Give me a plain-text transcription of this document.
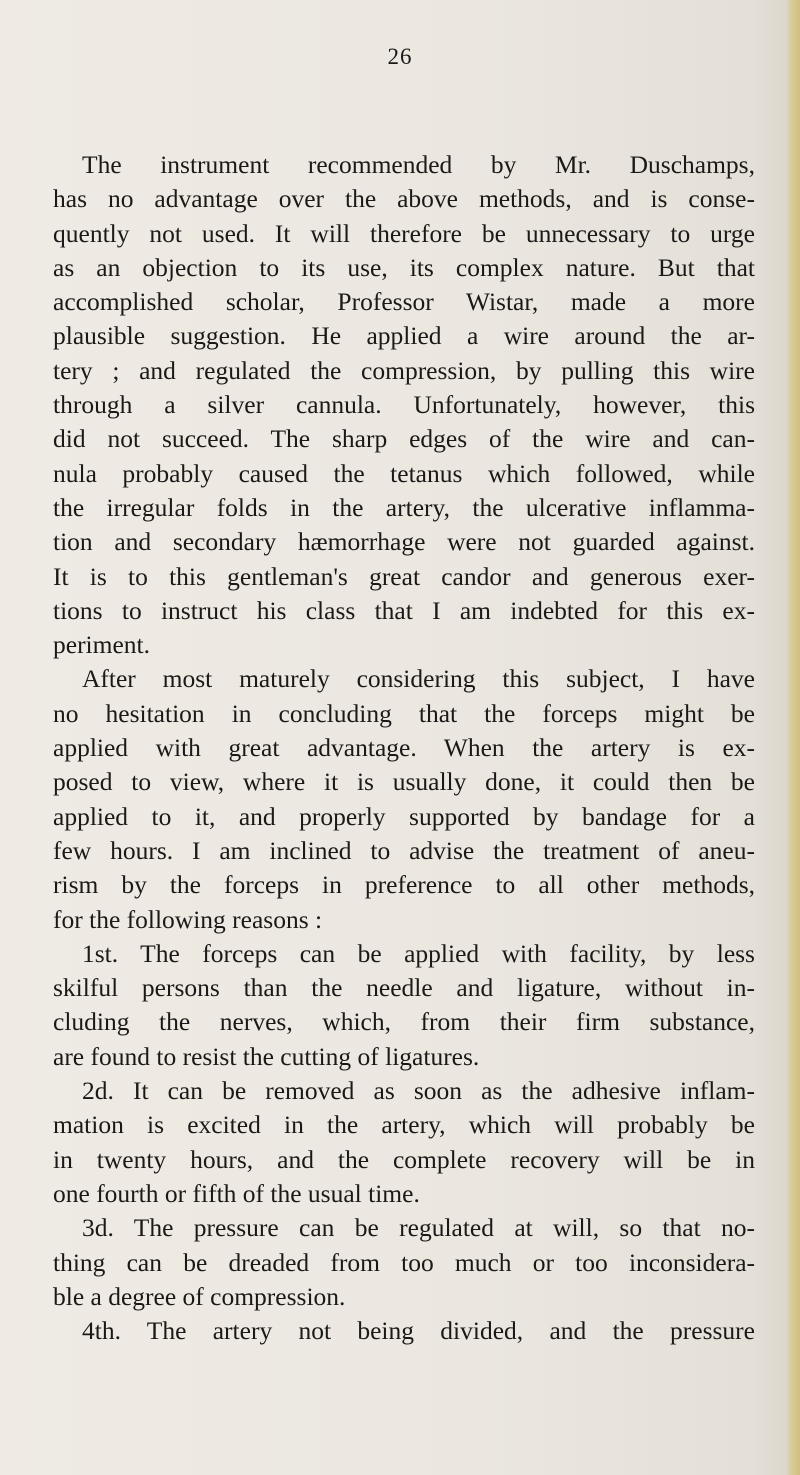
26
The instrument recommended by Mr. Duschamps,
has no advantage over the above methods, and is conse-
quently not used. It will therefore be unnecessary to urge
as an objection to its use, its complex nature. But that
accomplished scholar, Professor Wistar, made a more
plausible suggestion. He applied a wire around the ar-
tery ; and regulated the compression, by pulling this wire
through a silver cannula. Unfortunately, however, this
did not succeed. The sharp edges of the wire and can-
nula probably caused the tetanus which followed, while
the irregular folds in the artery, the ulcerative inflamma-
tion and secondary hæmorrhage were not guarded against.
It is to this gentleman's great candor and generous exer-
tions to instruct his class that I am indebted for this ex-
periment.
After most maturely considering this subject, I have
no hesitation in concluding that the forceps might be
applied with great advantage. When the artery is ex-
posed to view, where it is usually done, it could then be
applied to it, and properly supported by bandage for a
few hours. I am inclined to advise the treatment of aneu-
rism by the forceps in preference to all other methods,
for the following reasons :
1st. The forceps can be applied with facility, by less
skilful persons than the needle and ligature, without in-
cluding the nerves, which, from their firm substance,
are found to resist the cutting of ligatures.
2d. It can be removed as soon as the adhesive inflam-
mation is excited in the artery, which will probably be
in twenty hours, and the complete recovery will be in
one fourth or fifth of the usual time.
3d. The pressure can be regulated at will, so that no-
thing can be dreaded from too much or too inconsidera-
ble a degree of compression.
4th. The artery not being divided, and the pressure
